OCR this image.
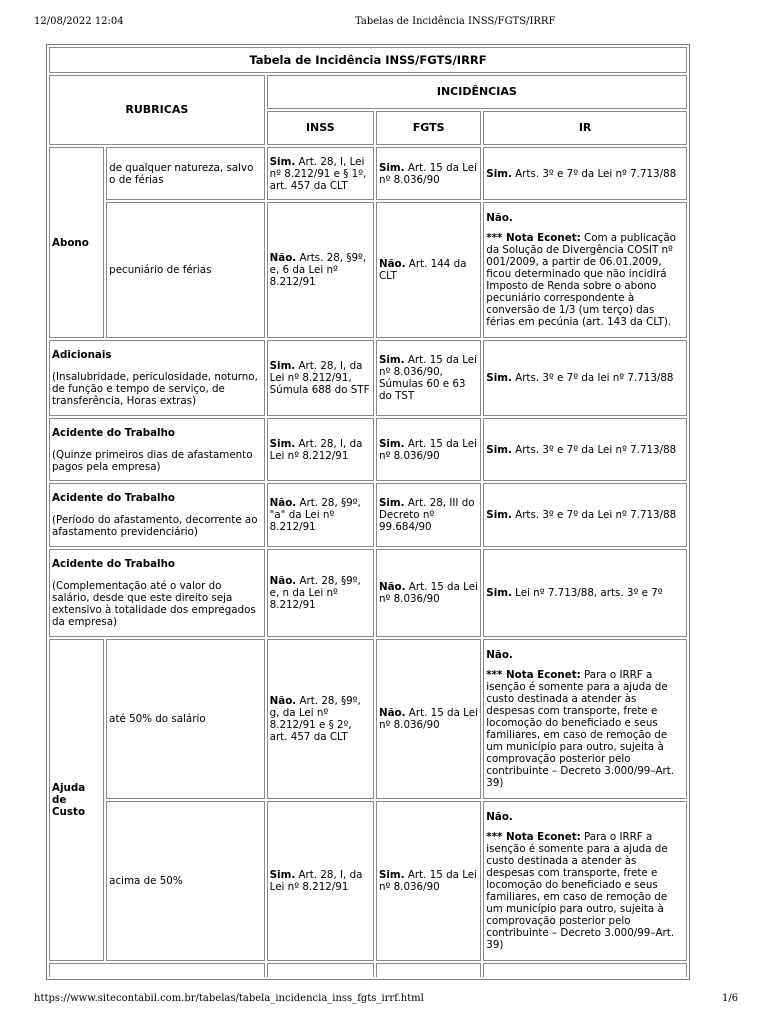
12/08/2022 12:04	Tabelas de Incidência INSS/FGTS/IRRF
Tabela de Incidência INSS/FGTS/IRRF				
RUBRICAS		INCIDÊNCIAS		
		INSS	FGTS	IR
Abono	de qualquer natureza, salvo o de férias	Sim. Art. 28, I, Lei nº 8.212/91 e § 1º, art. 457 da CLT	Sim. Art. 15 da Lei nº 8.036/90	Sim. Arts. 3º e 7º da Lei nº 7.713/88
	pecuniário de férias	Não. Arts. 28, §9º, e, 6 da Lei nº 8.212/91	Não. Art. 144 da CLT	Não.

*** Nota Econet: Com a publicação da Solução de Divergência COSIT nº 001/2009, a partir de 06.01.2009, ficou determinado que não incidirá Imposto de Renda sobre o abono pecuniário correspondente à conversão de 1/3 (um terço) das férias em pecúnia (art. 143 da CLT).

Adicionais
(Insalubridade, periculosidade, noturno, de função e tempo de serviço, de transferência, Horas extras)		Sim. Art. 28, I, da Lei nº 8.212/91, Súmula 688 do STF	Sim. Art. 15 da Lei nº 8.036/90, Súmulas 60 e 63 do TST	Sim. Arts. 3º e 7º da lei nº 7.713/88

Acidente do Trabalho
(Quinze primeiros dias de afastamento pagos pela empresa)		Sim. Art. 28, I, da Lei nº 8.212/91	Sim. Art. 15 da Lei nº 8.036/90	Sim. Arts. 3º e 7º da Lei nº 7.713/88

Acidente do Trabalho
(Período do afastamento, decorrente ao afastamento previdenciário)		Não. Art. 28, §9º, "a" da Lei nº 8.212/91	Sim. Art. 28, III do Decreto nº 99.684/90	Sim. Arts. 3º e 7º da Lei nº 7.713/88

Acidente do Trabalho
(Complementação até o valor do salário, desde que este direito seja extensivo à totalidade dos empregados da empresa)		Não. Art. 28, §9º, e, n da Lei nº 8.212/91	Não. Art. 15 da Lei nº 8.036/90	Sim. Lei nº 7.713/88, arts. 3º e 7º
Ajuda de Custo	até 50% do salário	Não. Art. 28, §9º, g, da Lei nº 8.212/91 e § 2º, art. 457 da CLT	Não. Art. 15 da Lei nº 8.036/90	Não.

*** Nota Econet: Para o IRRF a isenção é somente para a ajuda de custo destinada a atender às despesas com transporte, frete e locomoção do beneficiado e seus familiares, em caso de remoção de um município para outro, sujeita à comprovação posterior pelo contribuinte – Decreto 3.000/99–Art. 39)

	acima de 50%	Sim. Art. 28, I, da Lei nº 8.212/91	Sim. Art. 15 da Lei nº 8.036/90	Não.

*** Nota Econet: Para o IRRF a isenção é somente para a ajuda de custo destinada a atender às despesas com transporte, frete e locomoção do beneficiado e seus familiares, em caso de remoção de um município para outro, sujeita à comprovação posterior pelo contribuinte – Decreto 3.000/99–Art. 39)

https://www.sitecontabil.com.br/tabelas/tabela_incidencia_inss_fgts_irrf.html	1/6
